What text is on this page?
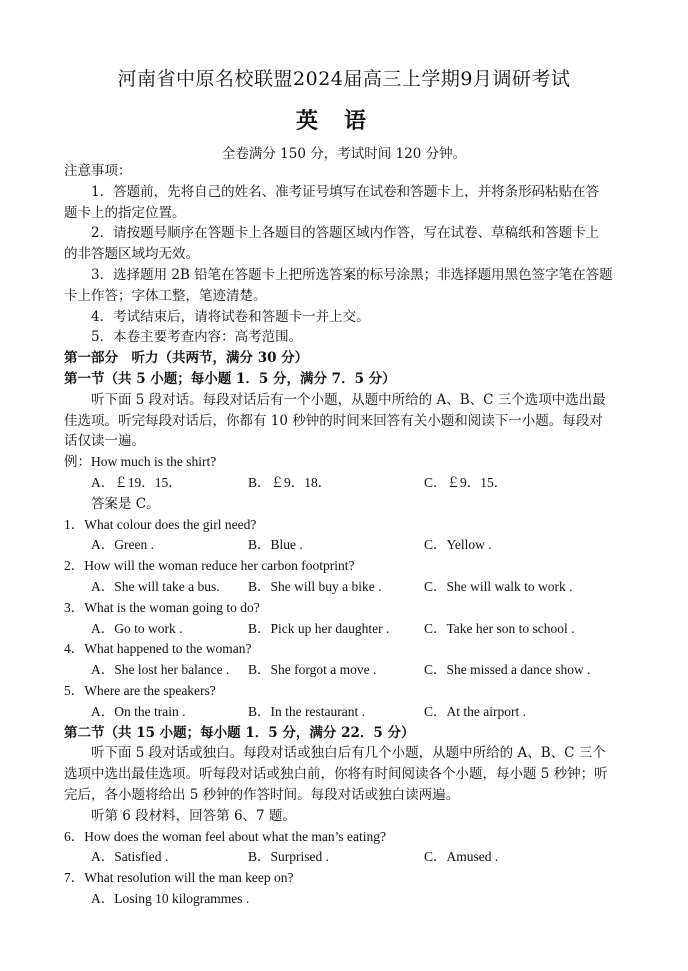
河南省中原名校联盟2024届高三上学期9月调研考试
英语
全卷满分 150 分，考试时间 120 分钟。
注意事项：
1．答题前，先将自己的姓名、准考证号填写在试卷和答题卡上，并将条形码粘贴在答
题卡上的指定位置。
2．请按题号顺序在答题卡上各题目的答题区域内作答，写在试卷、草稿纸和答题卡上
的非答题区域均无效。
3．选择题用 2B 铅笔在答题卡上把所选答案的标号涂黑；非选择题用黑色签字笔在答题
卡上作答；字体工整，笔迹清楚。
4．考试结束后，请将试卷和答题卡一并上交。
5．本卷主要考查内容：高考范围。
第一部分　听力（共两节，满分 30 分）
第一节（共 5 小题；每小题 1．5 分，满分 7．5 分）
听下面 5 段对话。每段对话后有一个小题，从题中所给的 A、B、C 三个选项中选出最
佳选项。听完每段对话后，你都有 10 秒钟的时间来回答有关小题和阅读下一小题。每段对
话仅读一遍。
例：How much is the shirt?
A．￡19．15．	B．￡9．18．	C．￡9．15．
答案是 C。
1．What colour does the girl need?
A．Green .	B．Blue .	C．Yellow .
2．How will the woman reduce her carbon footprint?
A．She will take a bus. B．She will buy a bike .	C．She will walk to work .
3．What is the woman going to do?
A．Go to work .	B．Pick up her daughter .	C．Take her son to school .
4．What happened to the woman?
A．She lost her balance . B．She forgot a move .	C．She missed a dance show .
5．Where are the speakers?
A．On the train .	B．In the restaurant .	C．At the airport .
第二节（共 15 小题；每小题 1．5 分，满分 22．5 分）
听下面 5 段对话或独白。每段对话或独白后有几个小题，从题中所给的 A、B、C 三个
选项中选出最佳选项。听每段对话或独白前，你将有时间阅读各个小题，每小题 5 秒钟；听
完后，各小题将给出 5 秒钟的作答时间。每段对话或独白读两遍。
听第 6 段材料，回答第 6、7 题。
6．How does the woman feel about what the man’s eating?
A．Satisfied .	B．Surprised .	C．Amused .
7．What resolution will the man keep on?
A．Losing 10 kilogrammes .
